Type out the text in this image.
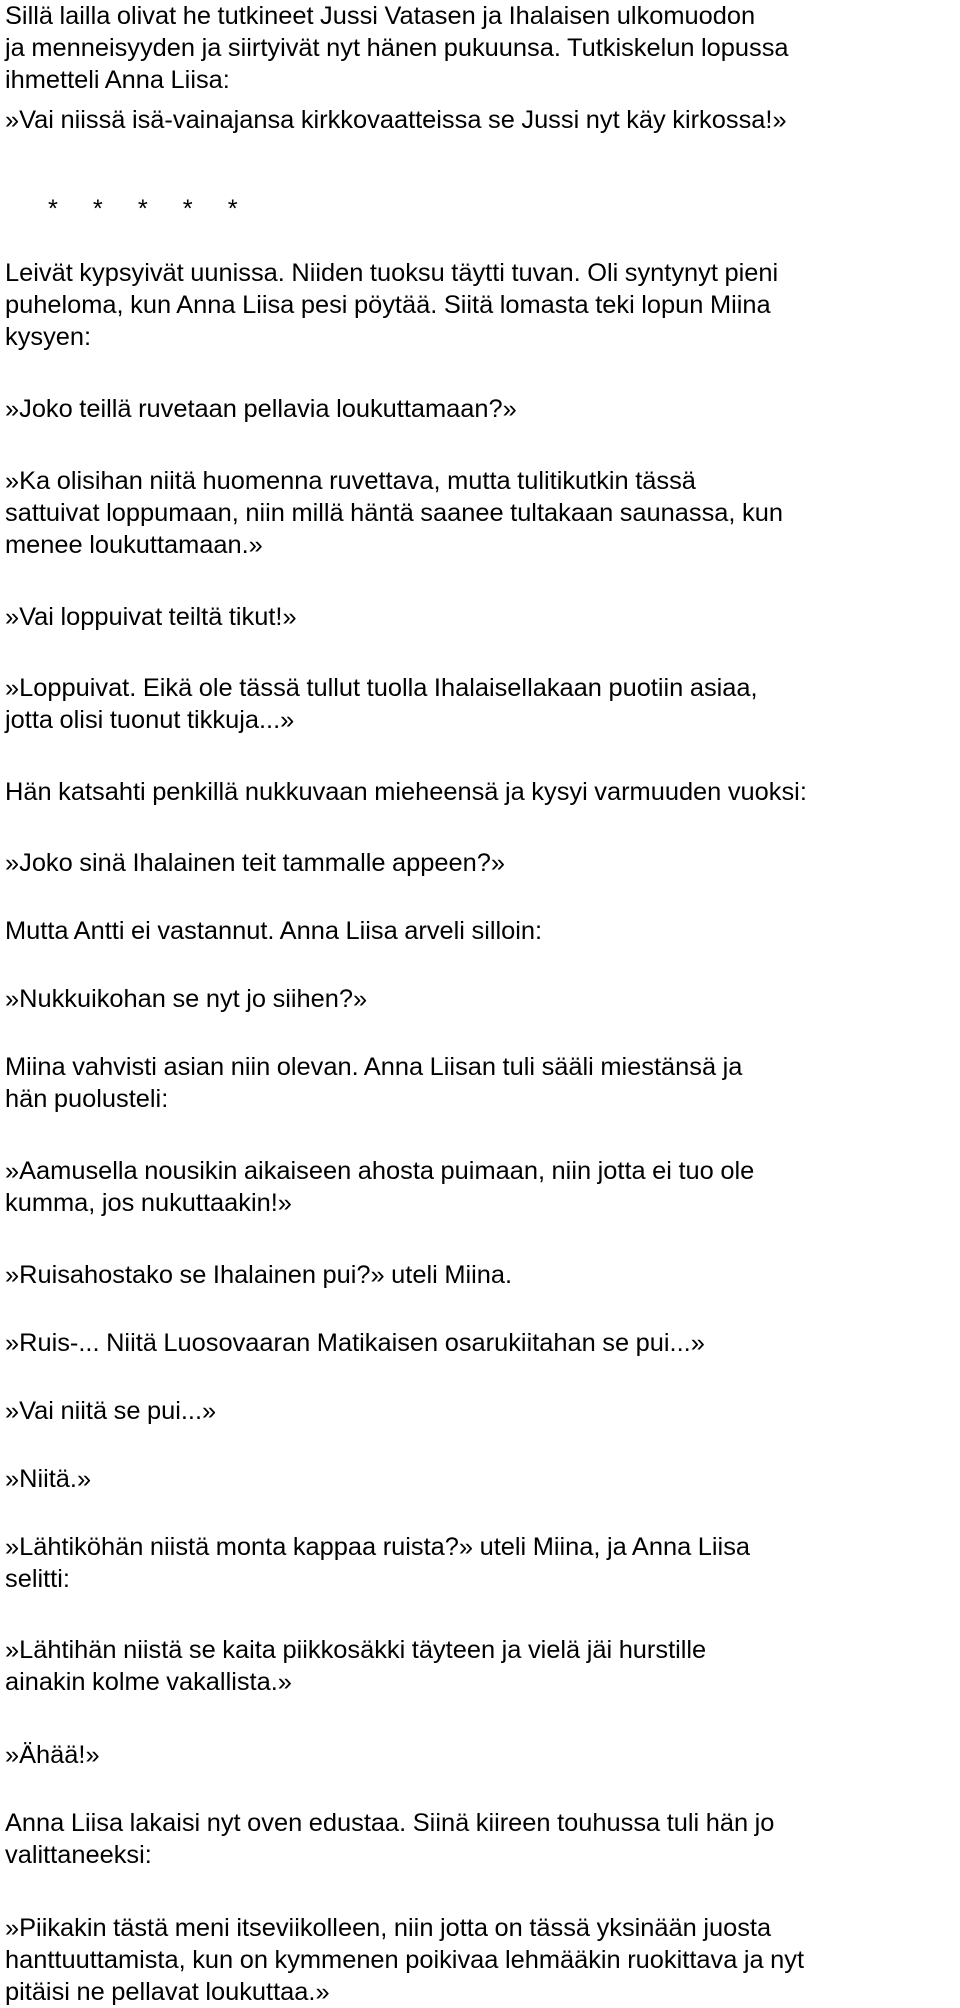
Sillä lailla olivat he tutkineet Jussi Vatasen ja Ihalaisen ulkomuodon
ja menneisyyden ja siirtyivät nyt hänen pukuunsa. Tutkiskelun lopussa
ihmetteli Anna Liisa:

»Vai niissä isä-vainajansa kirkkovaatteissa se Jussi nyt käy kirkossa!»

* * * * *

Leivät kypsyivät uunissa. Niiden tuoksu täytti tuvan. Oli syntynyt pieni
puheloma, kun Anna Liisa pesi pöytää. Siitä lomasta teki lopun Miina
kysyen:

»Joko teillä ruvetaan pellavia loukuttamaan?»

»Ka olisihan niitä huomenna ruvettava, mutta tulitikutkin tässä
sattuivat loppumaan, niin millä häntä saanee tultakaan saunassa, kun
menee loukuttamaan.»

»Vai loppuivat teiltä tikut!»

»Loppuivat. Eikä ole tässä tullut tuolla Ihalaisellakaan puotiin asiaa,
jotta olisi tuonut tikkuja...»

Hän katsahti penkillä nukkuvaan mieheensä ja kysyi varmuuden vuoksi:

»Joko sinä Ihalainen teit tammalle appeen?»

Mutta Antti ei vastannut. Anna Liisa arveli silloin:

»Nukkuikohan se nyt jo siihen?»

Miina vahvisti asian niin olevan. Anna Liisan tuli sääli miestänsä ja
hän puolusteli:

»Aamusella nousikin aikaiseen ahosta puimaan, niin jotta ei tuo ole
kumma, jos nukuttaakin!»

»Ruisahostako se Ihalainen pui?» uteli Miina.

»Ruis-... Niitä Luosovaaran Matikaisen osarukiitahan se pui...»

»Vai niitä se pui...»

»Niitä.»

»Lähtiköhän niistä monta kappaa ruista?» uteli Miina, ja Anna Liisa
selitti:

»Lähtihän niistä se kaita piikkosäkki täyteen ja vielä jäi hurstille
ainakin kolme vakallista.»

»Ähää!»

Anna Liisa lakaisi nyt oven edustaa. Siinä kiireen touhussa tuli hän jo
valittaneeksi:

»Piikakin tästä meni itseviikolleen, niin jotta on tässä yksinään juosta
hanttuuttamista, kun on kymmenen poikivaa lehmääkin ruokittava ja nyt
pitäisi ne pellavat loukuttaa.»
